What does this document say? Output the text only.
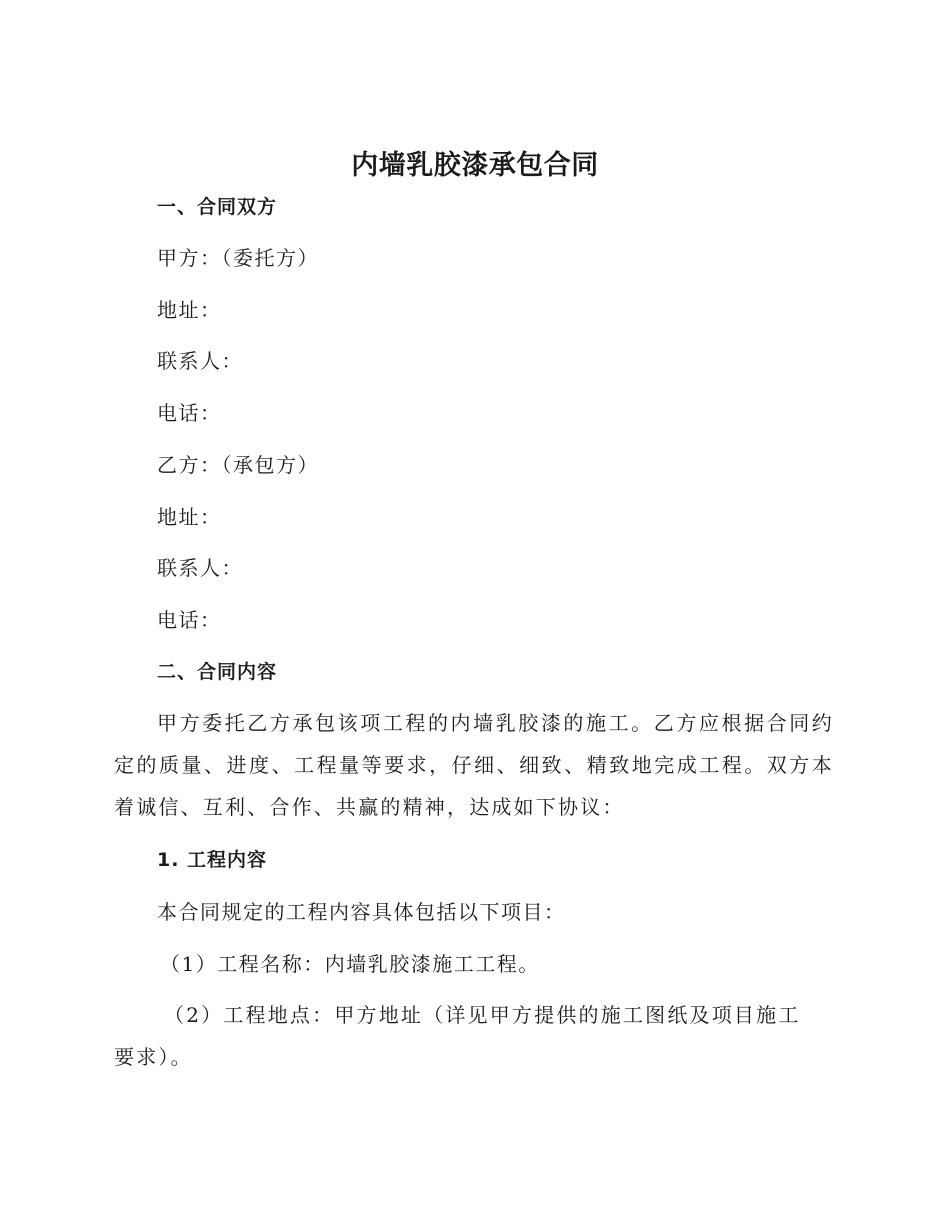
内墙乳胶漆承包合同
一、合同双方
甲方：（委托方）
地址：
联系人：
电话：
乙方：（承包方）
地址：
联系人：
电话：
二、合同内容
甲方委托乙方承包该项工程的内墙乳胶漆的施工。乙方应根据合同约定的质量、进度、工程量等要求，仔细、细致、精致地完成工程。双方本着诚信、互利、合作、共赢的精神，达成如下协议：
1. 工程内容
本合同规定的工程内容具体包括以下项目：
（1）工程名称：内墙乳胶漆施工工程。
（2）工程地点：甲方地址（详见甲方提供的施工图纸及项目施工要求）。
